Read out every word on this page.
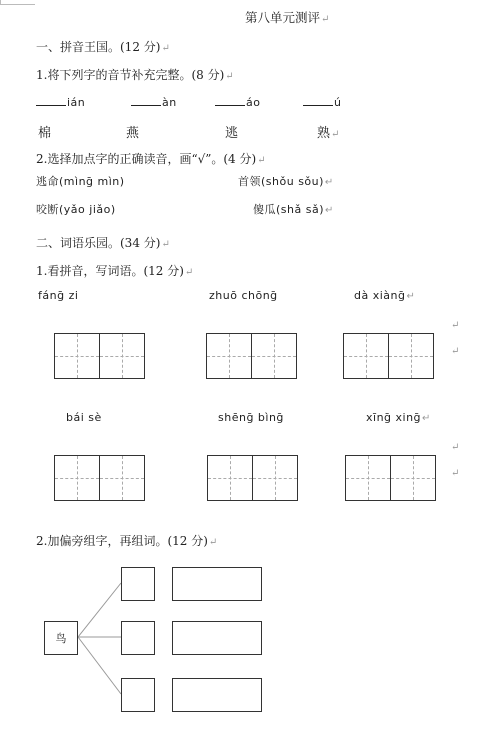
第八单元测评↵
一、拼音王国。(12 分)↵
1.将下列字的音节补充完整。(8 分)↵
ián	àn	áo	ú
棉	燕	逃	熟↵
2.选择加点字的正确读音，画“√”。(4 分)↵
逃命(mìnḡ mìn)	首领(shǒu sǒu)↵
咬断(yǎo jiǎo)	傻瓜(shǎ sǎ)↵
二、词语乐园。(34 分)↵
1.看拼音，写词语。(12 分)↵
fánḡ zi	zhuō chōnḡ	dà xiànḡ↵
↵
↵
bái sè	shēnḡ bìnḡ	xīnḡ xinḡ↵
↵
↵
2.加偏旁组字，再组词。(12 分)↵
鸟
